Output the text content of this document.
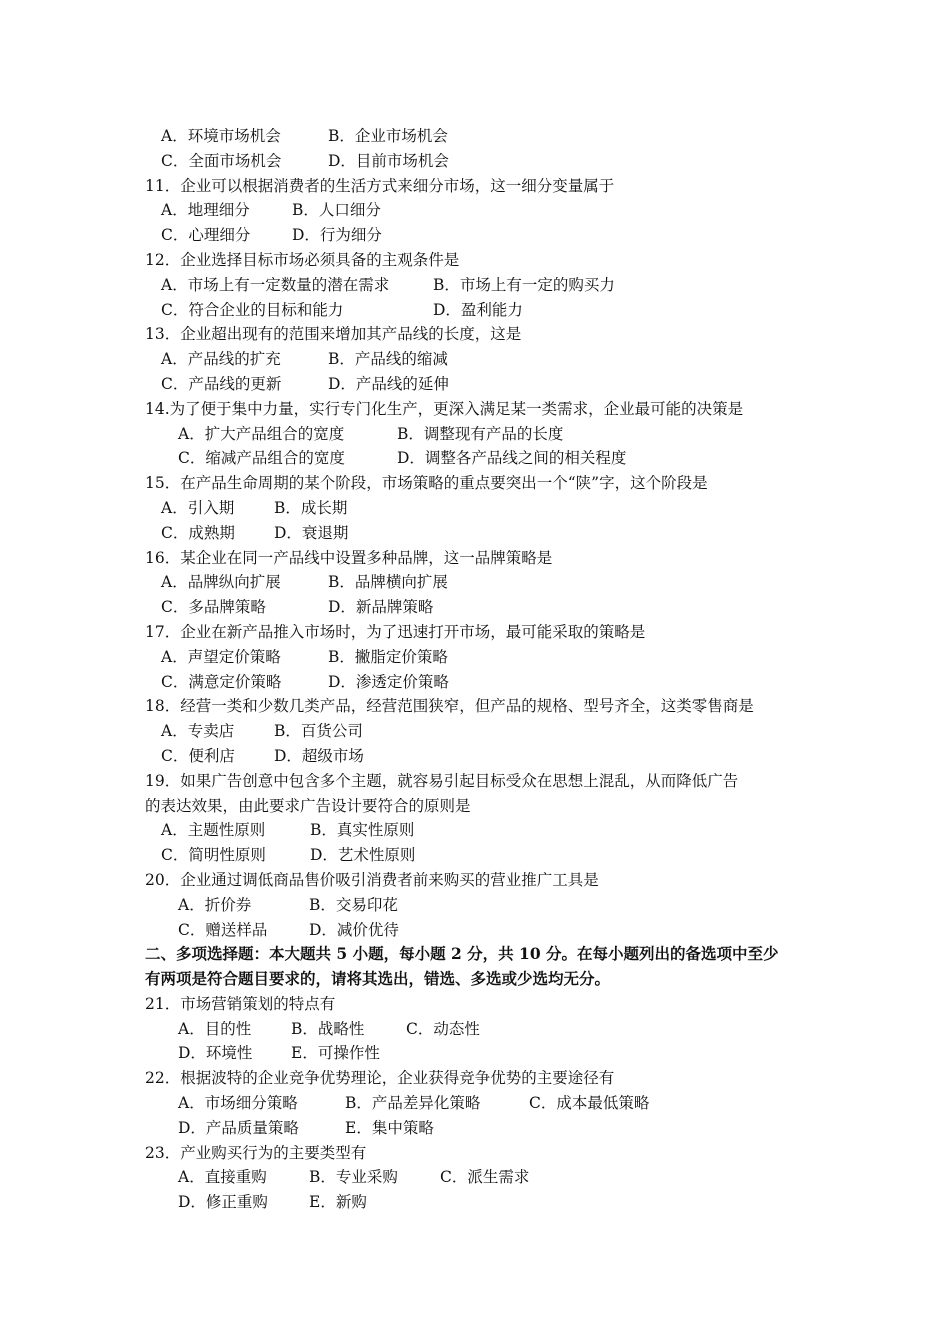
A．环境市场机会	B．企业市场机会
C．全面市场机会	D．目前市场机会
11．企业可以根据消费者的生活方式来细分市场，这一细分变量属于
A．地理细分	B．人口细分
C．心理细分	D．行为细分
12．企业选择目标市场必须具备的主观条件是
A．市场上有一定数量的潜在需求	B．市场上有一定的购买力
C．符合企业的目标和能力	D．盈利能力
13．企业超出现有的范围来增加其产品线的长度，这是
A．产品线的扩充	B．产品线的缩减
C．产品线的更新	D．产品线的延伸
14.为了便于集中力量，实行专门化生产，更深入满足某一类需求，企业最可能的决策是
A．扩大产品组合的宽度	B．调整现有产品的长度
C．缩减产品组合的宽度	D．调整各产品线之间的相关程度
15．在产品生命周期的某个阶段，市场策略的重点要突出一个“陕”字，这个阶段是
A．引入期	B．成长期
C．成熟期	D．衰退期
16．某企业在同一产品线中设置多种品牌，这一品牌策略是
A．品牌纵向扩展	B．品牌横向扩展
C．多品牌策略	D．新品牌策略
17．企业在新产品推入市场时，为了迅速打开市场，最可能采取的策略是
A．声望定价策略	B．撇脂定价策略
C．满意定价策略	D．渗透定价策略
18．经营一类和少数几类产品，经营范围狭窄，但产品的规格、型号齐全，这类零售商是
A．专卖店	B．百货公司
C．便利店	D．超级市场
19．如果广告创意中包含多个主题，就容易引起目标受众在思想上混乱，从而降低广告
的表达效果，由此要求广告设计要符合的原则是
A．主题性原则	B．真实性原则
C．简明性原则	D．艺术性原则
20．企业通过调低商品售价吸引消费者前来购买的营业推广工具是
A．折价券	B．交易印花
C．赠送样品	D．减价优待
二、多项选择题：本大题共 5 小题，每小题 2 分，共 10 分。在每小题列出的备选项中至少
有两项是符合题目要求的，请将其选出，错选、多选或少选均无分。
21．市场营销策划的特点有
A．目的性	B．战略性	C．动态性
D．环境性 E．可操作性
22．根据波特的企业竞争优势理论，企业获得竞争优势的主要途径有
A．市场细分策略	B．产品差异化策略	C．成本最低策略
D．产品质量策略	E．集中策略
23．产业购买行为的主要类型有
A．直接重购	B．专业采购	C．派生需求
D．修正重购	E．新购
